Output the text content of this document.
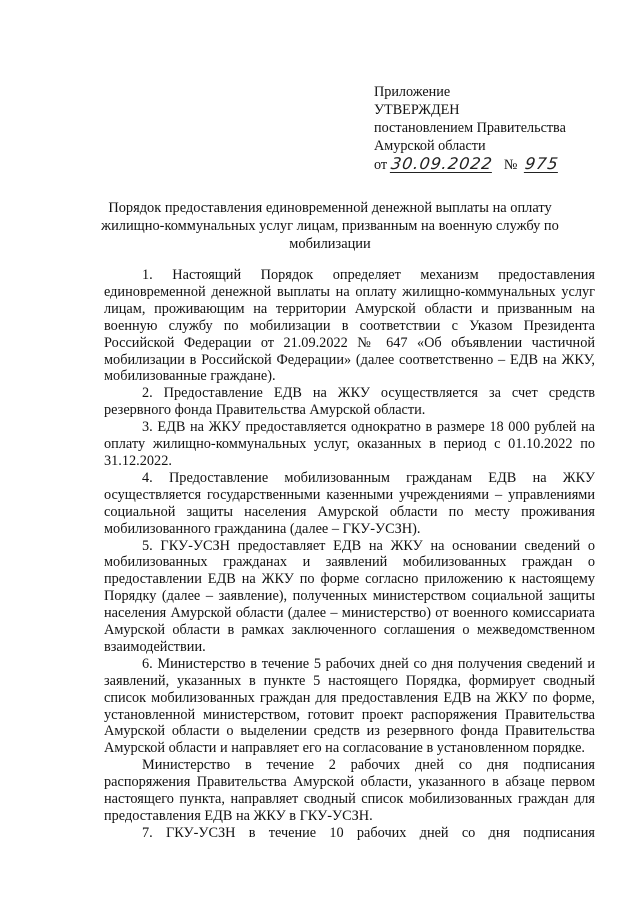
Приложение
УТВЕРЖДЕН
постановлением Правительства
Амурской области
от 30.09.2022 № 975
Порядок предоставления единовременной денежной выплаты на оплату жилищно-коммунальных услуг лицам, призванным на военную службу по мобилизации

1. Настоящий Порядок определяет механизм предоставления единовременной денежной выплаты на оплату жилищно-коммунальных услуг лицам, проживающим на территории Амурской области и призванным на военную службу по мобилизации в соответствии с Указом Президента Российской Федерации от 21.09.2022 № 647 «Об объявлении частичной мобилизации в Российской Федерации» (далее соответственно – ЕДВ на ЖКУ, мобилизованные граждане).

2. Предоставление ЕДВ на ЖКУ осуществляется за счет средств резервного фонда Правительства Амурской области.

3. ЕДВ на ЖКУ предоставляется однократно в размере 18 000 рублей на оплату жилищно-коммунальных услуг, оказанных в период с 01.10.2022 по 31.12.2022.

4. Предоставление мобилизованным гражданам ЕДВ на ЖКУ осуществляется государственными казенными учреждениями – управлениями социальной защиты населения Амурской области по месту проживания мобилизованного гражданина (далее – ГКУ-УСЗН).

5. ГКУ-УСЗН предоставляет ЕДВ на ЖКУ на основании сведений о мобилизованных гражданах и заявлений мобилизованных граждан о предоставлении ЕДВ на ЖКУ по форме согласно приложению к настоящему Порядку (далее – заявление), полученных министерством социальной защиты населения Амурской области (далее – министерство) от военного комиссариата Амурской области в рамках заключенного соглашения о межведомственном взаимодействии.

6. Министерство в течение 5 рабочих дней со дня получения сведений и заявлений, указанных в пункте 5 настоящего Порядка, формирует сводный список мобилизованных граждан для предоставления ЕДВ на ЖКУ по форме, установленной министерством, готовит проект распоряжения Правительства Амурской области о выделении средств из резервного фонда Правительства Амурской области и направляет его на согласование в установленном порядке.

Министерство в течение 2 рабочих дней со дня подписания распоряжения Правительства Амурской области, указанного в абзаце первом настоящего пункта, направляет сводный список мобилизованных граждан для предоставления ЕДВ на ЖКУ в ГКУ-УСЗН.

7. ГКУ-УСЗН в течение 10 рабочих дней со дня подписания
